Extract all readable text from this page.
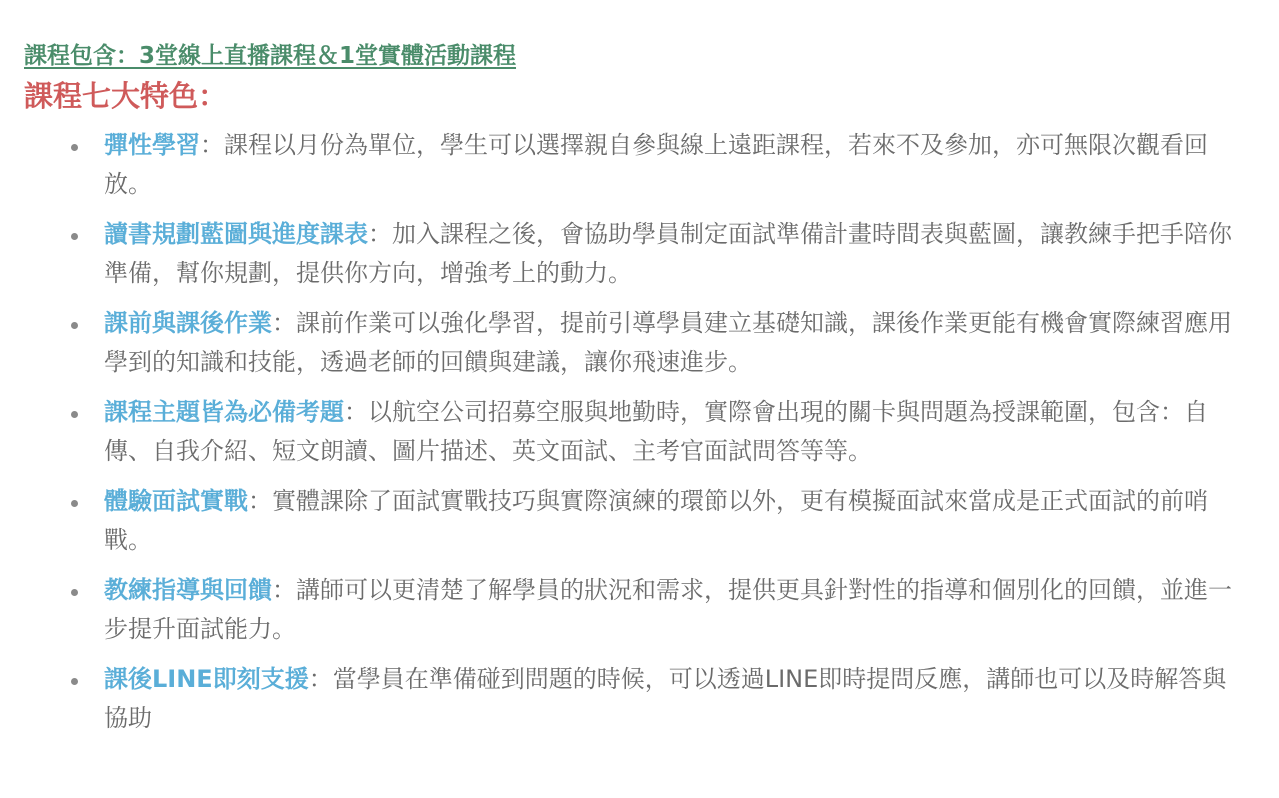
課程包含：3堂線上直播課程＆1堂實體活動課程

課程七大特色：

彈性學習：課程以月份為單位，學生可以選擇親自參與線上遠距課程，若來不及參加，亦可無限次觀看回放。
讀書規劃藍圖與進度課表：加入課程之後，會協助學員制定面試準備計畫時間表與藍圖，讓教練手把手陪你準備，幫你規劃，提供你方向，增強考上的動力。
課前與課後作業：課前作業可以強化學習，提前引導學員建立基礎知識，課後作業更能有機會實際練習應用學到的知識和技能，透過老師的回饋與建議，讓你飛速進步。
課程主題皆為必備考題：以航空公司招募空服與地勤時，實際會出現的關卡與問題為授課範圍，包含：自傳、自我介紹、短文朗讀、圖片描述、英文面試、主考官面試問答等等。
體驗面試實戰：實體課除了面試實戰技巧與實際演練的環節以外，更有模擬面試來當成是正式面試的前哨戰。
教練指導與回饋：講師可以更清楚了解學員的狀況和需求，提供更具針對性的指導和個別化的回饋，並進一步提升面試能力。
課後LINE即刻支援：當學員在準備碰到問題的時候，可以透過LINE即時提問反應，講師也可以及時解答與協助
